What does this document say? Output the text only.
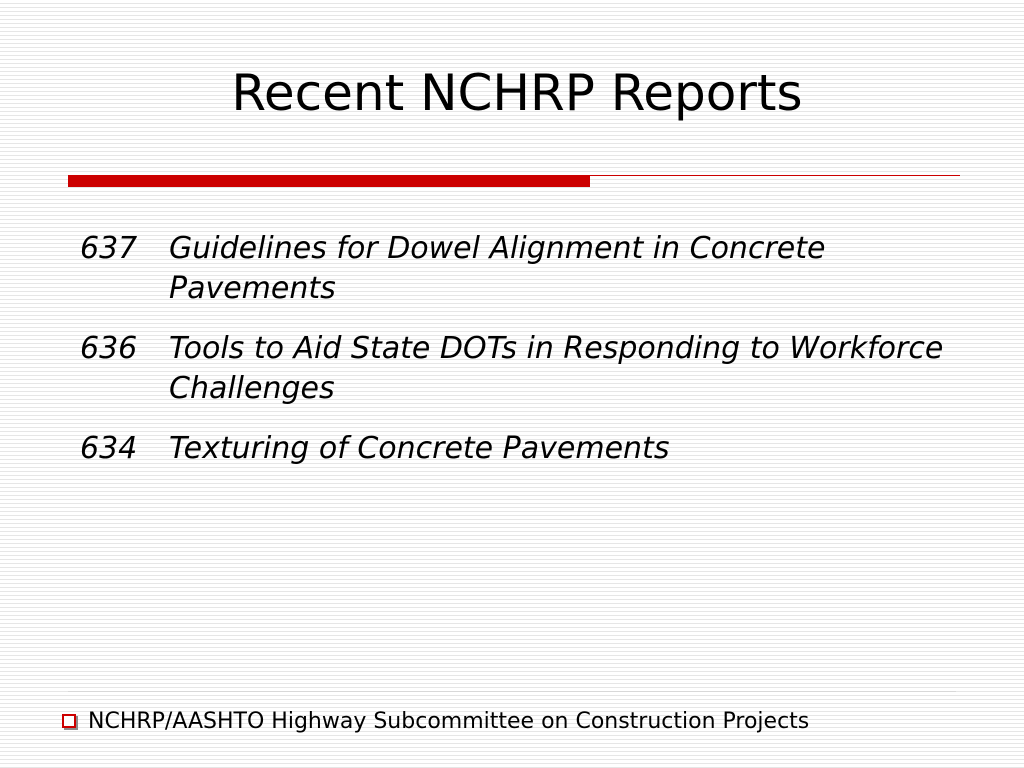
Recent NCHRP Reports
637	Guidelines for Dowel Alignment in Concrete Pavements
636	Tools to Aid State DOTs in Responding to Workforce Challenges
634	Texturing of Concrete Pavements
NCHRP/AASHTO Highway Subcommittee on Construction Projects
